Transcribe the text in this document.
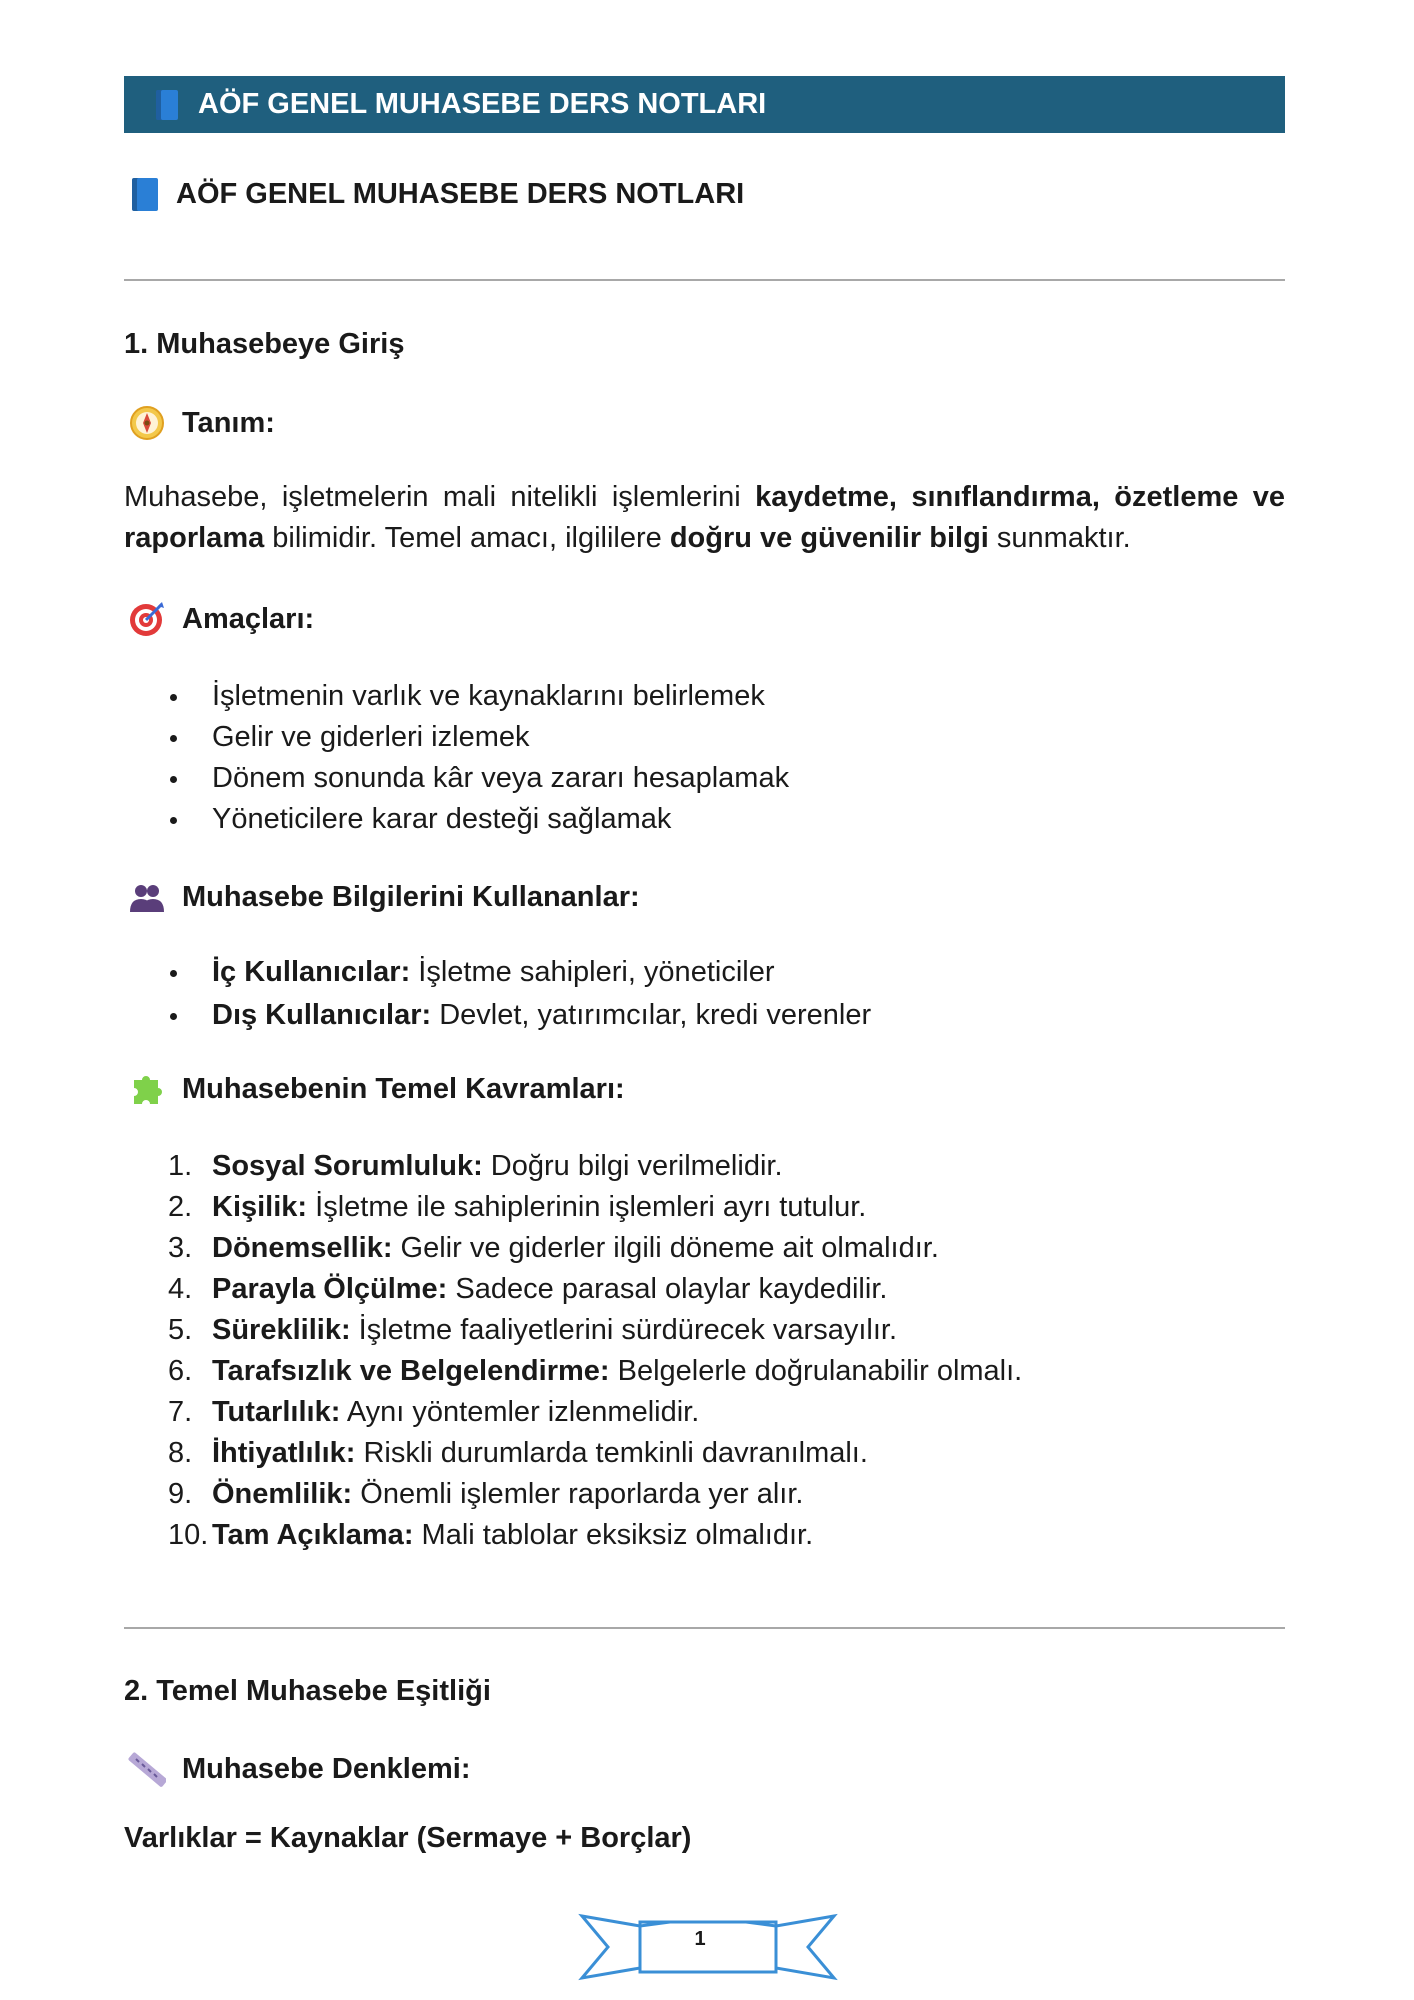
AÖF GENEL MUHASEBE DERS NOTLARI
AÖF GENEL MUHASEBE DERS NOTLARI
1. Muhasebeye Giriş
Tanım:
Muhasebe, işletmelerin mali nitelikli işlemlerini kaydetme, sınıflandırma, özetleme ve raporlama bilimidir. Temel amacı, ilgililere doğru ve güvenilir bilgi sunmaktır.
Amaçları:
İşletmenin varlık ve kaynaklarını belirlemek
Gelir ve giderleri izlemek
Dönem sonunda kâr veya zararı hesaplamak
Yöneticilere karar desteği sağlamak
Muhasebe Bilgilerini Kullananlar:
İç Kullanıcılar: İşletme sahipleri, yöneticiler
Dış Kullanıcılar: Devlet, yatırımcılar, kredi verenler
Muhasebenin Temel Kavramları:
1. Sosyal Sorumluluk: Doğru bilgi verilmelidir.
2. Kişilik: İşletme ile sahiplerinin işlemleri ayrı tutulur.
3. Dönemsellik: Gelir ve giderler ilgili döneme ait olmalıdır.
4. Parayla Ölçülme: Sadece parasal olaylar kaydedilir.
5. Süreklilik: İşletme faaliyetlerini sürdürecek varsayılır.
6. Tarafsızlık ve Belgelendirme: Belgelerle doğrulanabilir olmalı.
7. Tutarlılık: Aynı yöntemler izlenmelidir.
8. İhtiyatlılık: Riskli durumlarda temkinli davranılmalı.
9. Önemlilik: Önemli işlemler raporlarda yer alır.
10. Tam Açıklama: Mali tablolar eksiksiz olmalıdır.
2. Temel Muhasebe Eşitliği
Muhasebe Denklemi:
Varlıklar = Kaynaklar (Sermaye + Borçlar)
1
